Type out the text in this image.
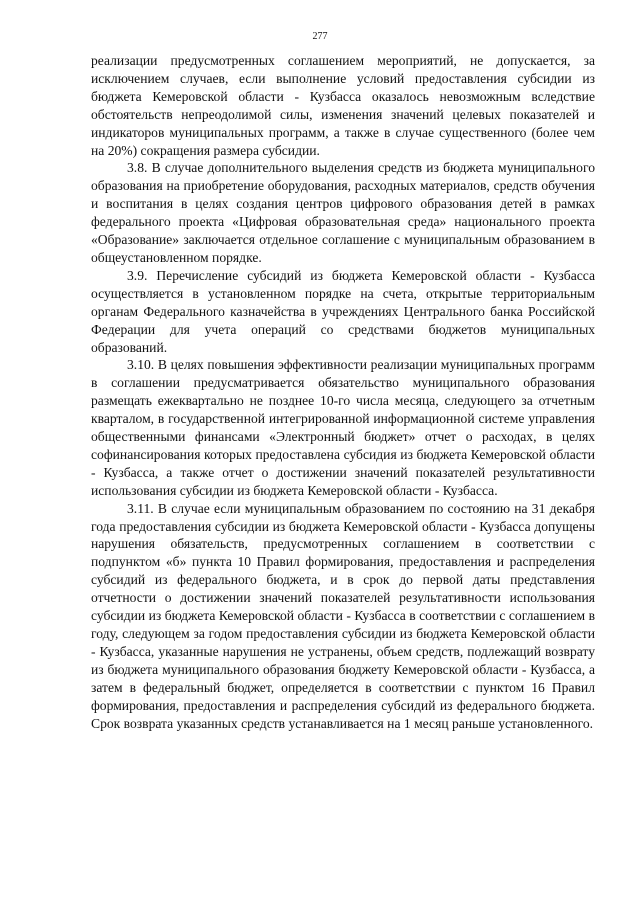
277

реализации предусмотренных соглашением мероприятий, не допускается, за исключением случаев, если выполнение условий предоставления субсидии из бюджета Кемеровской области - Кузбасса оказалось невозможным вследствие обстоятельств непреодолимой силы, изменения значений целевых показателей и индикаторов муниципальных программ, а также в случае существенного (более чем на 20%) сокращения размера субсидии.

3.8. В случае дополнительного выделения средств из бюджета муниципального образования на приобретение оборудования, расходных материалов, средств обучения и воспитания в целях создания центров цифрового образования детей в рамках федерального проекта «Цифровая образовательная среда» национального проекта «Образование» заключается отдельное соглашение с муниципальным образованием в общеустановленном порядке.

3.9. Перечисление субсидий из бюджета Кемеровской области - Кузбасса осуществляется в установленном порядке на счета, открытые территориальным органам Федерального казначейства в учреждениях Центрального банка Российской Федерации для учета операций со средствами бюджетов муниципальных образований.

3.10. В целях повышения эффективности реализации муниципальных программ в соглашении предусматривается обязательство муниципального образования размещать ежеквартально не позднее 10-го числа месяца, следующего за отчетным кварталом, в государственной интегрированной информационной системе управления общественными финансами «Электронный бюджет» отчет о расходах, в целях софинансирования которых предоставлена субсидия из бюджета Кемеровской области - Кузбасса, а также отчет о достижении значений показателей результативности использования субсидии из бюджета Кемеровской области - Кузбасса.

3.11. В случае если муниципальным образованием по состоянию на 31 декабря года предоставления субсидии из бюджета Кемеровской области - Кузбасса допущены нарушения обязательств, предусмотренных соглашением в соответствии с подпунктом «б» пункта 10 Правил формирования, предоставления и распределения субсидий из федерального бюджета, и в срок до первой даты представления отчетности о достижении значений показателей результативности использования субсидии из бюджета Кемеровской области - Кузбасса в соответствии с соглашением в году, следующем за годом предоставления субсидии из бюджета Кемеровской области - Кузбасса, указанные нарушения не устранены, объем средств, подлежащий возврату из бюджета муниципального образования бюджету Кемеровской области - Кузбасса, а затем в федеральный бюджет, определяется в соответствии с пунктом 16 Правил формирования, предоставления и распределения субсидий из федерального бюджета. Срок возврата указанных средств устанавливается на 1 месяц раньше установленного.
